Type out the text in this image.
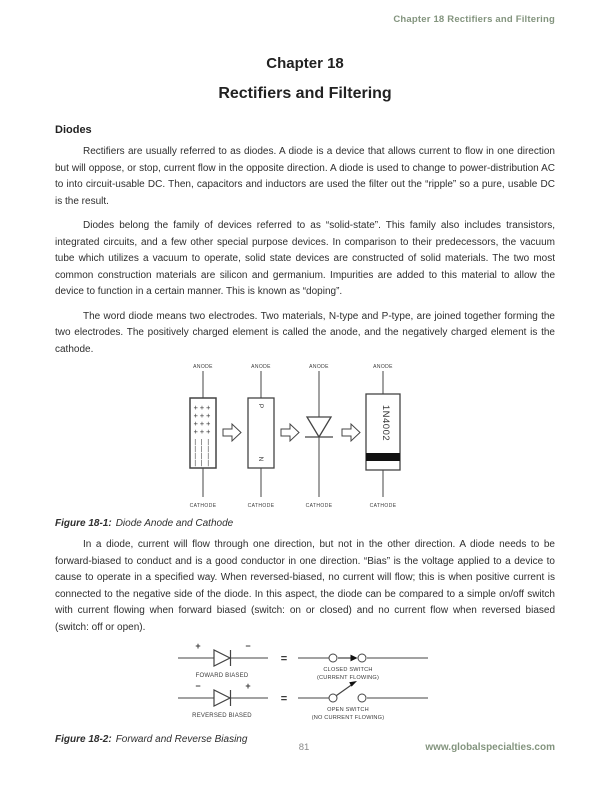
Chapter 18 Rectifiers and Filtering
Chapter 18
Rectifiers and Filtering
Diodes

Rectifiers are usually referred to as diodes. A diode is a device that allows current to flow in one direction but will oppose, or stop, current flow in the opposite direction. A diode is used to change to power-distribution AC to into circuit-usable DC. Then, capacitors and inductors are used the filter out the “ripple” so a pure, usable DC is the result.

Diodes belong the family of devices referred to as “solid-state”. This family also includes transistors, integrated circuits, and a few other special purpose devices. In comparison to their predecessors, the vacuum tube which utilizes a vacuum to operate, solid state devices are constructed of solid materials. The two most common construction materials are silicon and germanium. Impurities are added to this material to allow the device to function in a certain manner. This is known as “doping”.

The word diode means two electrodes. Two materials, N-type and P-type, are joined together forming the two electrodes. The positively charged element is called the anode, and the negatively charged element is the cathode.

ANODE
+++
+++
+++
+++
|||
|||
|||
|||
CATHODE
ANODE
P
N
CATHODE
ANODE
CATHODE
ANODE
1N4002
CATHODE

Figure 18-1: Diode Anode and Cathode

In a diode, current will flow through one direction, but not in the other direction. A diode needs to be forward-biased to conduct and is a good conductor in one direction. “Bias” is the voltage applied to a device to cause to operate in a specified way. When reversed-biased, no current will flow; this is when positive current is connected to the negative side of the diode. In this aspect, the diode can be compared to a simple on/off switch with current flowing when forward biased (switch: on or closed) and no current flow when reversed biased (switch: off or open).

+	−
FOWARD BIASED
=
CLOSED SWITCH
(CURRENT FLOWING)
−	+
REVERSED BIASED
=
OPEN SWITCH
(NO CURRENT FLOWING)

Figure 18-2: Forward and Reverse Biasing

81	www.globalspecialties.com
